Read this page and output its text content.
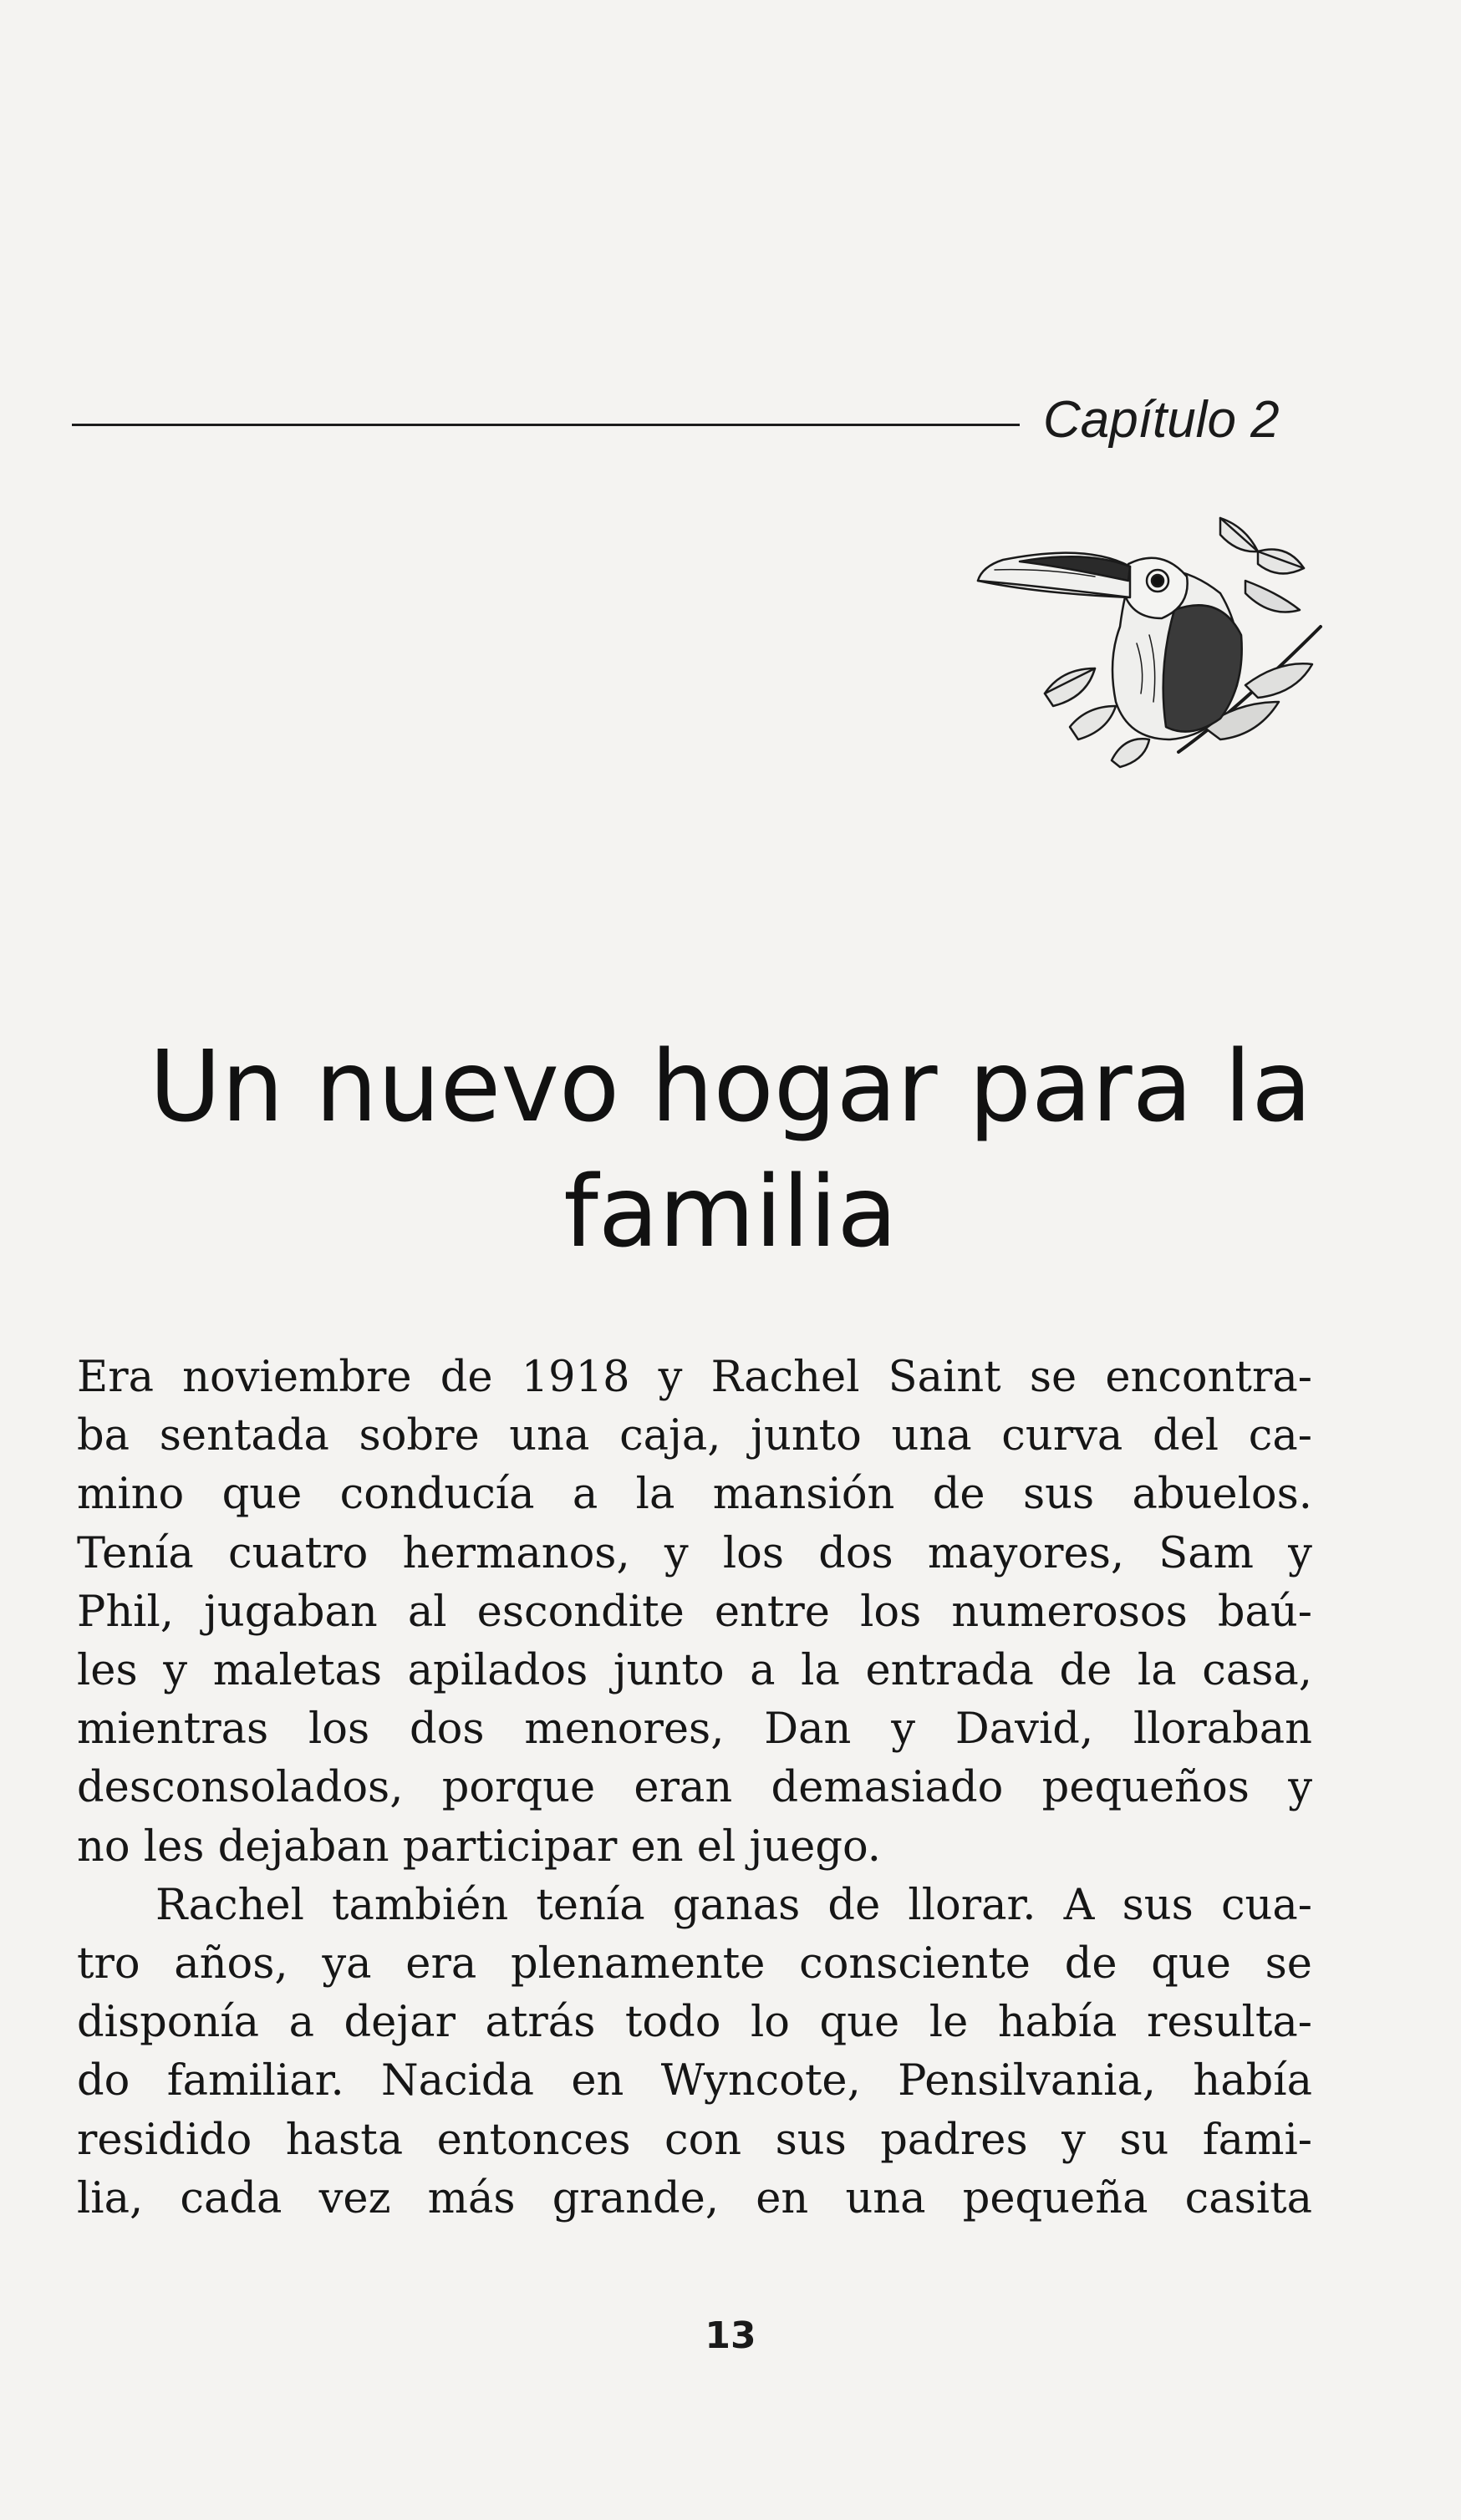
Capítulo 2
Un nuevo hogar para la
familia

Era noviembre de 1918 y Rachel Saint se encontra-
ba sentada sobre una caja, junto una curva del ca-
mino que conducía a la mansión de sus abuelos.
Tenía cuatro hermanos, y los dos mayores, Sam y
Phil, jugaban al escondite entre los numerosos baú-
les y maletas apilados junto a la entrada de la casa,
mientras los dos menores, Dan y David, lloraban
desconsolados, porque eran demasiado pequeños y
no les dejaban participar en el juego.

Rachel también tenía ganas de llorar. A sus cua-
tro años, ya era plenamente consciente de que se
disponía a dejar atrás todo lo que le había resulta-
do familiar. Nacida en Wyncote, Pensilvania, había
residido hasta entonces con sus padres y su fami-
lia, cada vez más grande, en una pequeña casita

13
